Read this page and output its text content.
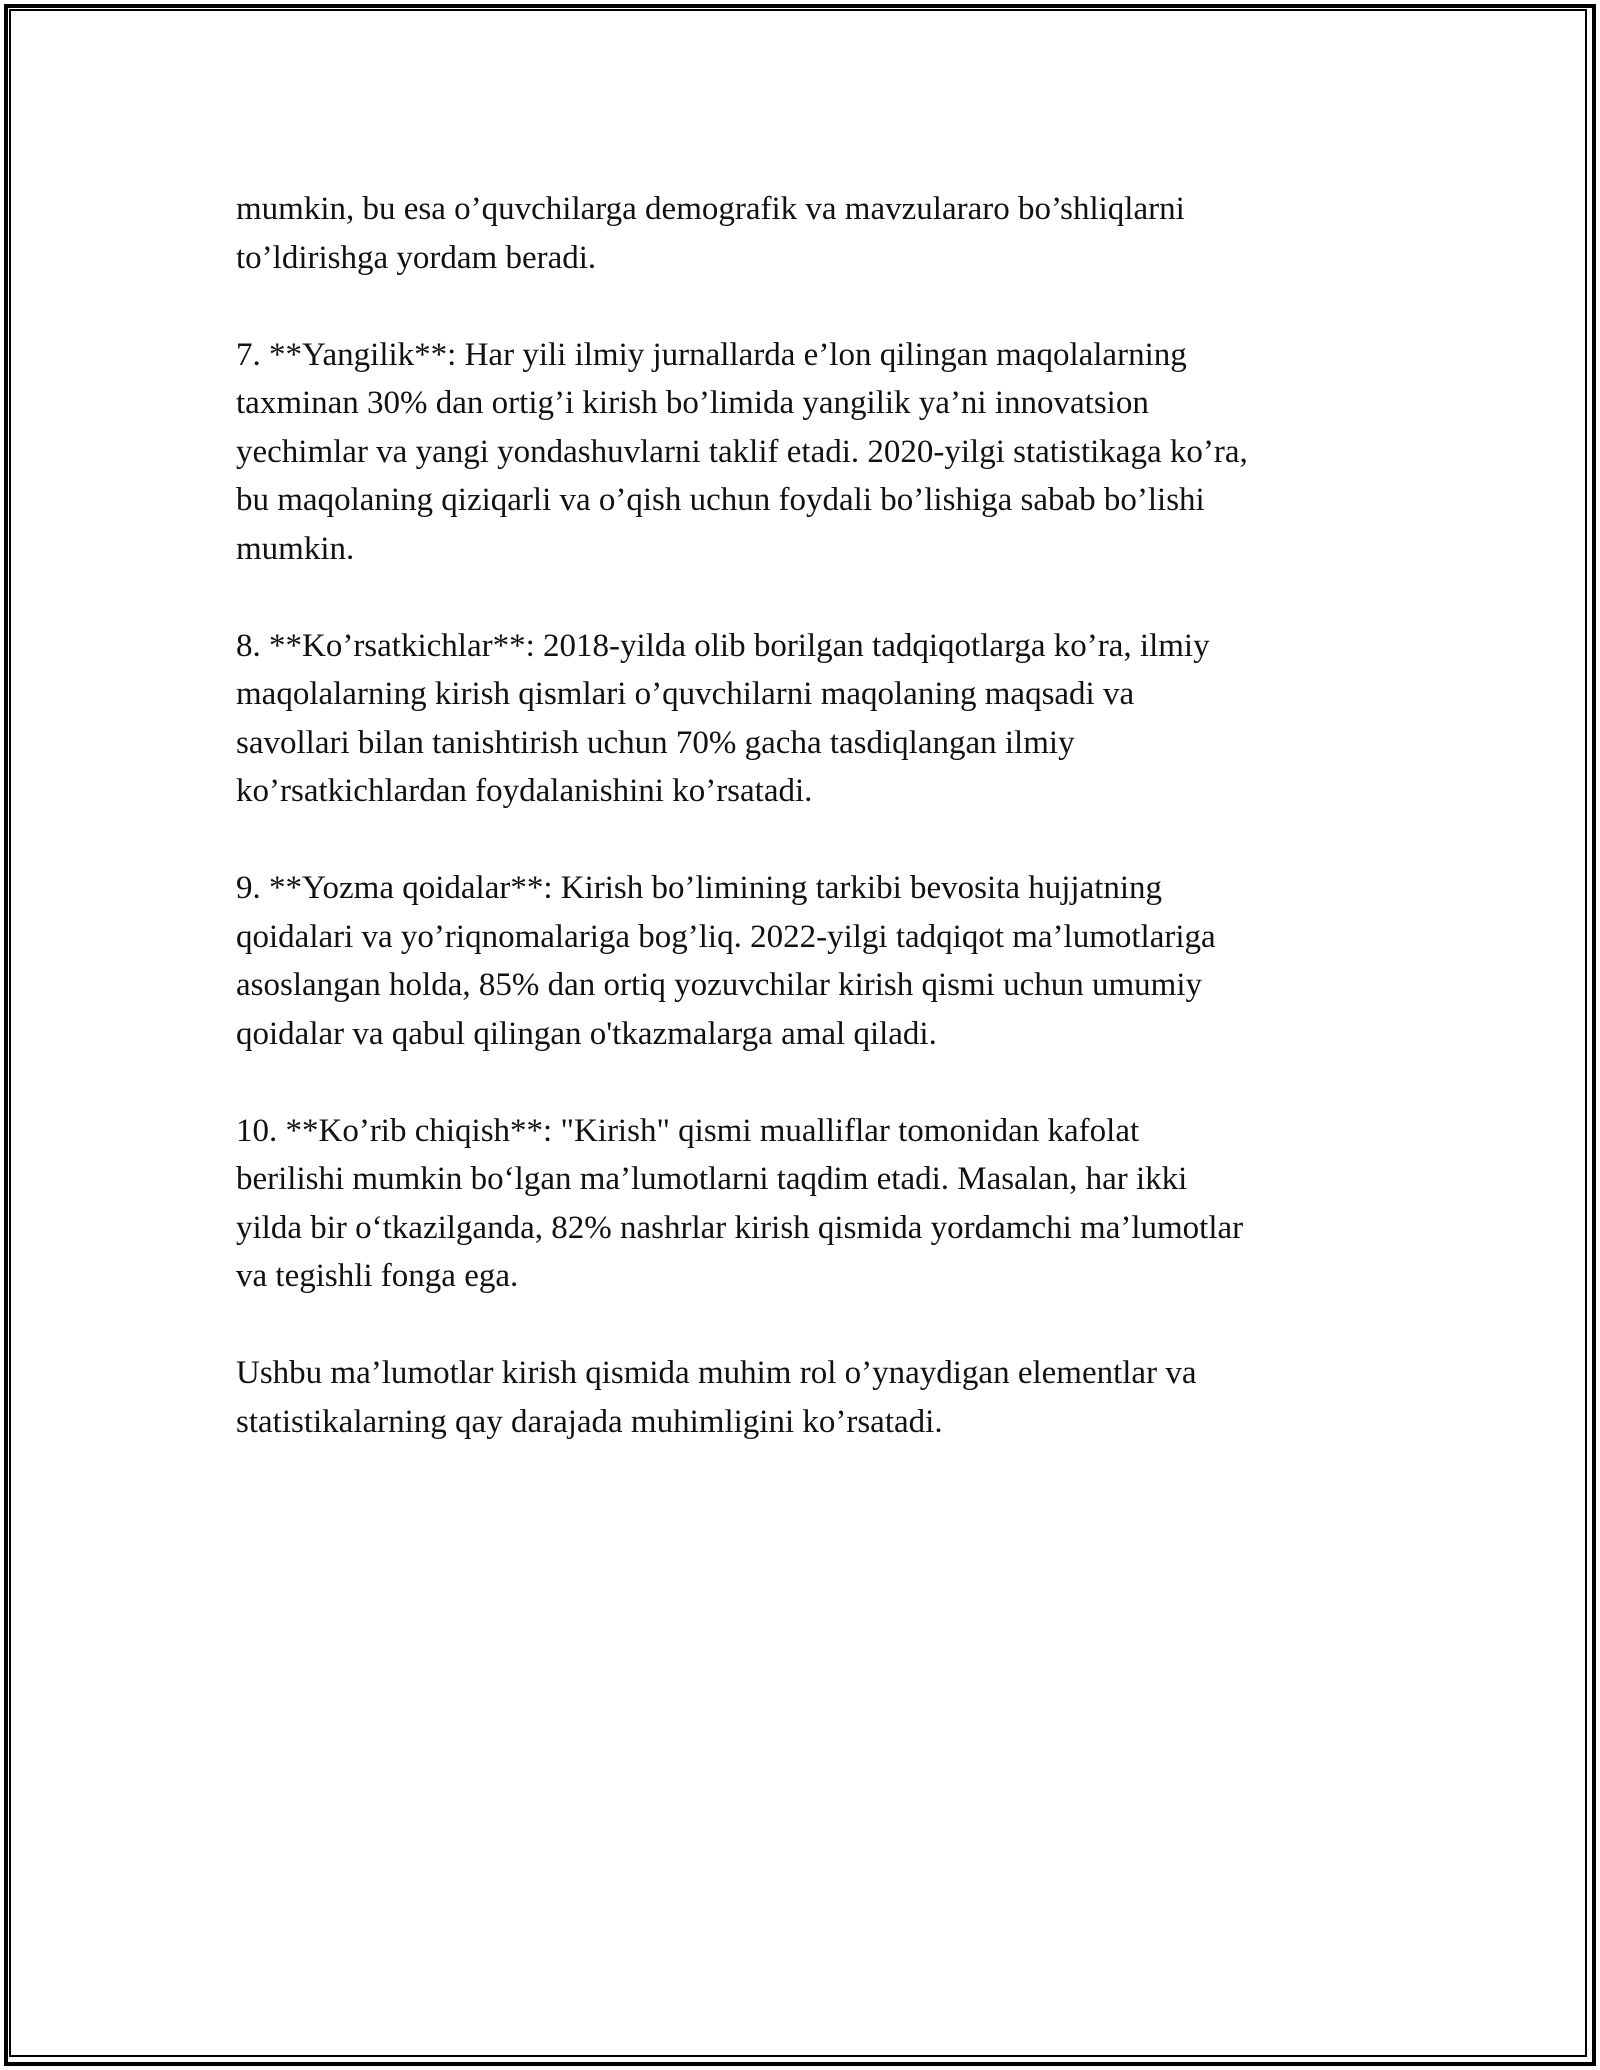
mumkin, bu esa o’quvchilarga demografik va mavzulararo bo’shliqlarni
to’ldirishga yordam beradi.

7. **Yangilik**: Har yili ilmiy jurnallarda e’lon qilingan maqolalarning
taxminan 30% dan ortig’i kirish bo’limida yangilik ya’ni innovatsion
yechimlar va yangi yondashuvlarni taklif etadi. 2020-yilgi statistikaga ko’ra,
bu maqolaning qiziqarli va o’qish uchun foydali bo’lishiga sabab bo’lishi
mumkin.

8. **Ko’rsatkichlar**: 2018-yilda olib borilgan tadqiqotlarga ko’ra, ilmiy
maqolalarning kirish qismlari o’quvchilarni maqolaning maqsadi va
savollari bilan tanishtirish uchun 70% gacha tasdiqlangan ilmiy
ko’rsatkichlardan foydalanishini ko’rsatadi.

9. **Yozma qoidalar**: Kirish bo’limining tarkibi bevosita hujjatning
qoidalari va yo’riqnomalariga bog’liq. 2022-yilgi tadqiqot ma’lumotlariga
asoslangan holda, 85% dan ortiq yozuvchilar kirish qismi uchun umumiy
qoidalar va qabul qilingan o'tkazmalarga amal qiladi.

10. **Ko’rib chiqish**: "Kirish" qismi mualliflar tomonidan kafolat
berilishi mumkin bo‘lgan ma’lumotlarni taqdim etadi. Masalan, har ikki
yilda bir o‘tkazilganda, 82% nashrlar kirish qismida yordamchi ma’lumotlar
va tegishli fonga ega.

Ushbu ma’lumotlar kirish qismida muhim rol o’ynaydigan elementlar va
statistikalarning qay darajada muhimligini ko’rsatadi.
